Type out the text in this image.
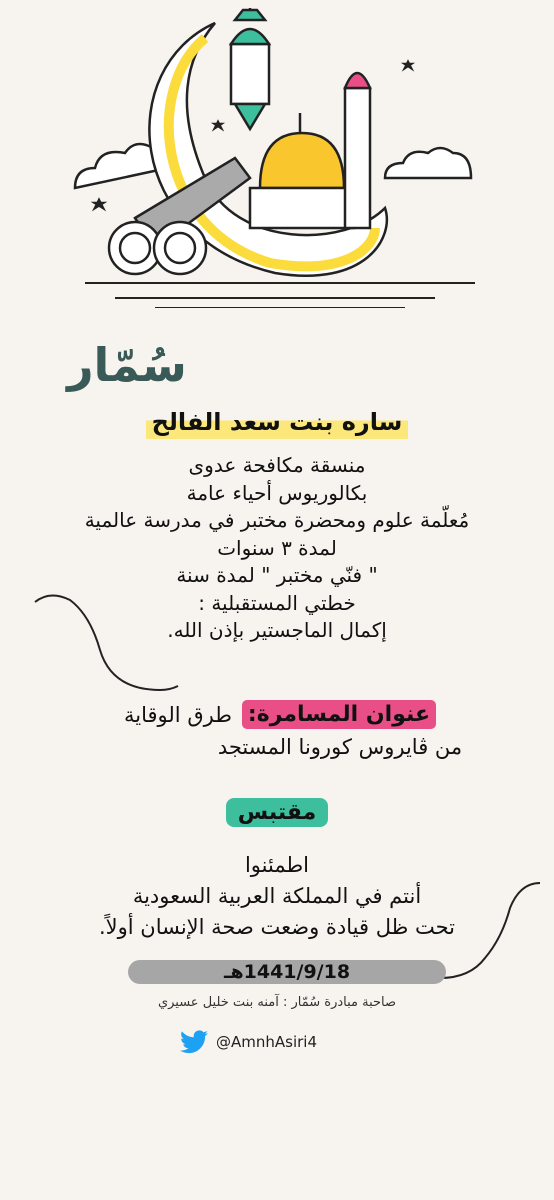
سُمّار
ساره بنت سعد الفالح
منسقة مكافحة عدوى
بكالوريوس أحياء عامة
مُعلّمة علوم ومحضرة مختبر في مدرسة عالمية
لمدة ٣ سنوات
" فنّي مختبر " لمدة سنة
خطتي المستقبلية :
إكمال الماجستير بإذن الله.
عنوان المسامرة:
طرق الوقاية
من ڤايروس كورونا المستجد
مقتبس
اطمئنوا
أنتم في المملكة العربية السعودية
تحت ظل قيادة وضعت صحة الإنسان أولاً.
1441/9/18هـ
صاحبة مبادرة سُمّار : آمنه بنت خليل عسيري
@AmnhAsiri4
